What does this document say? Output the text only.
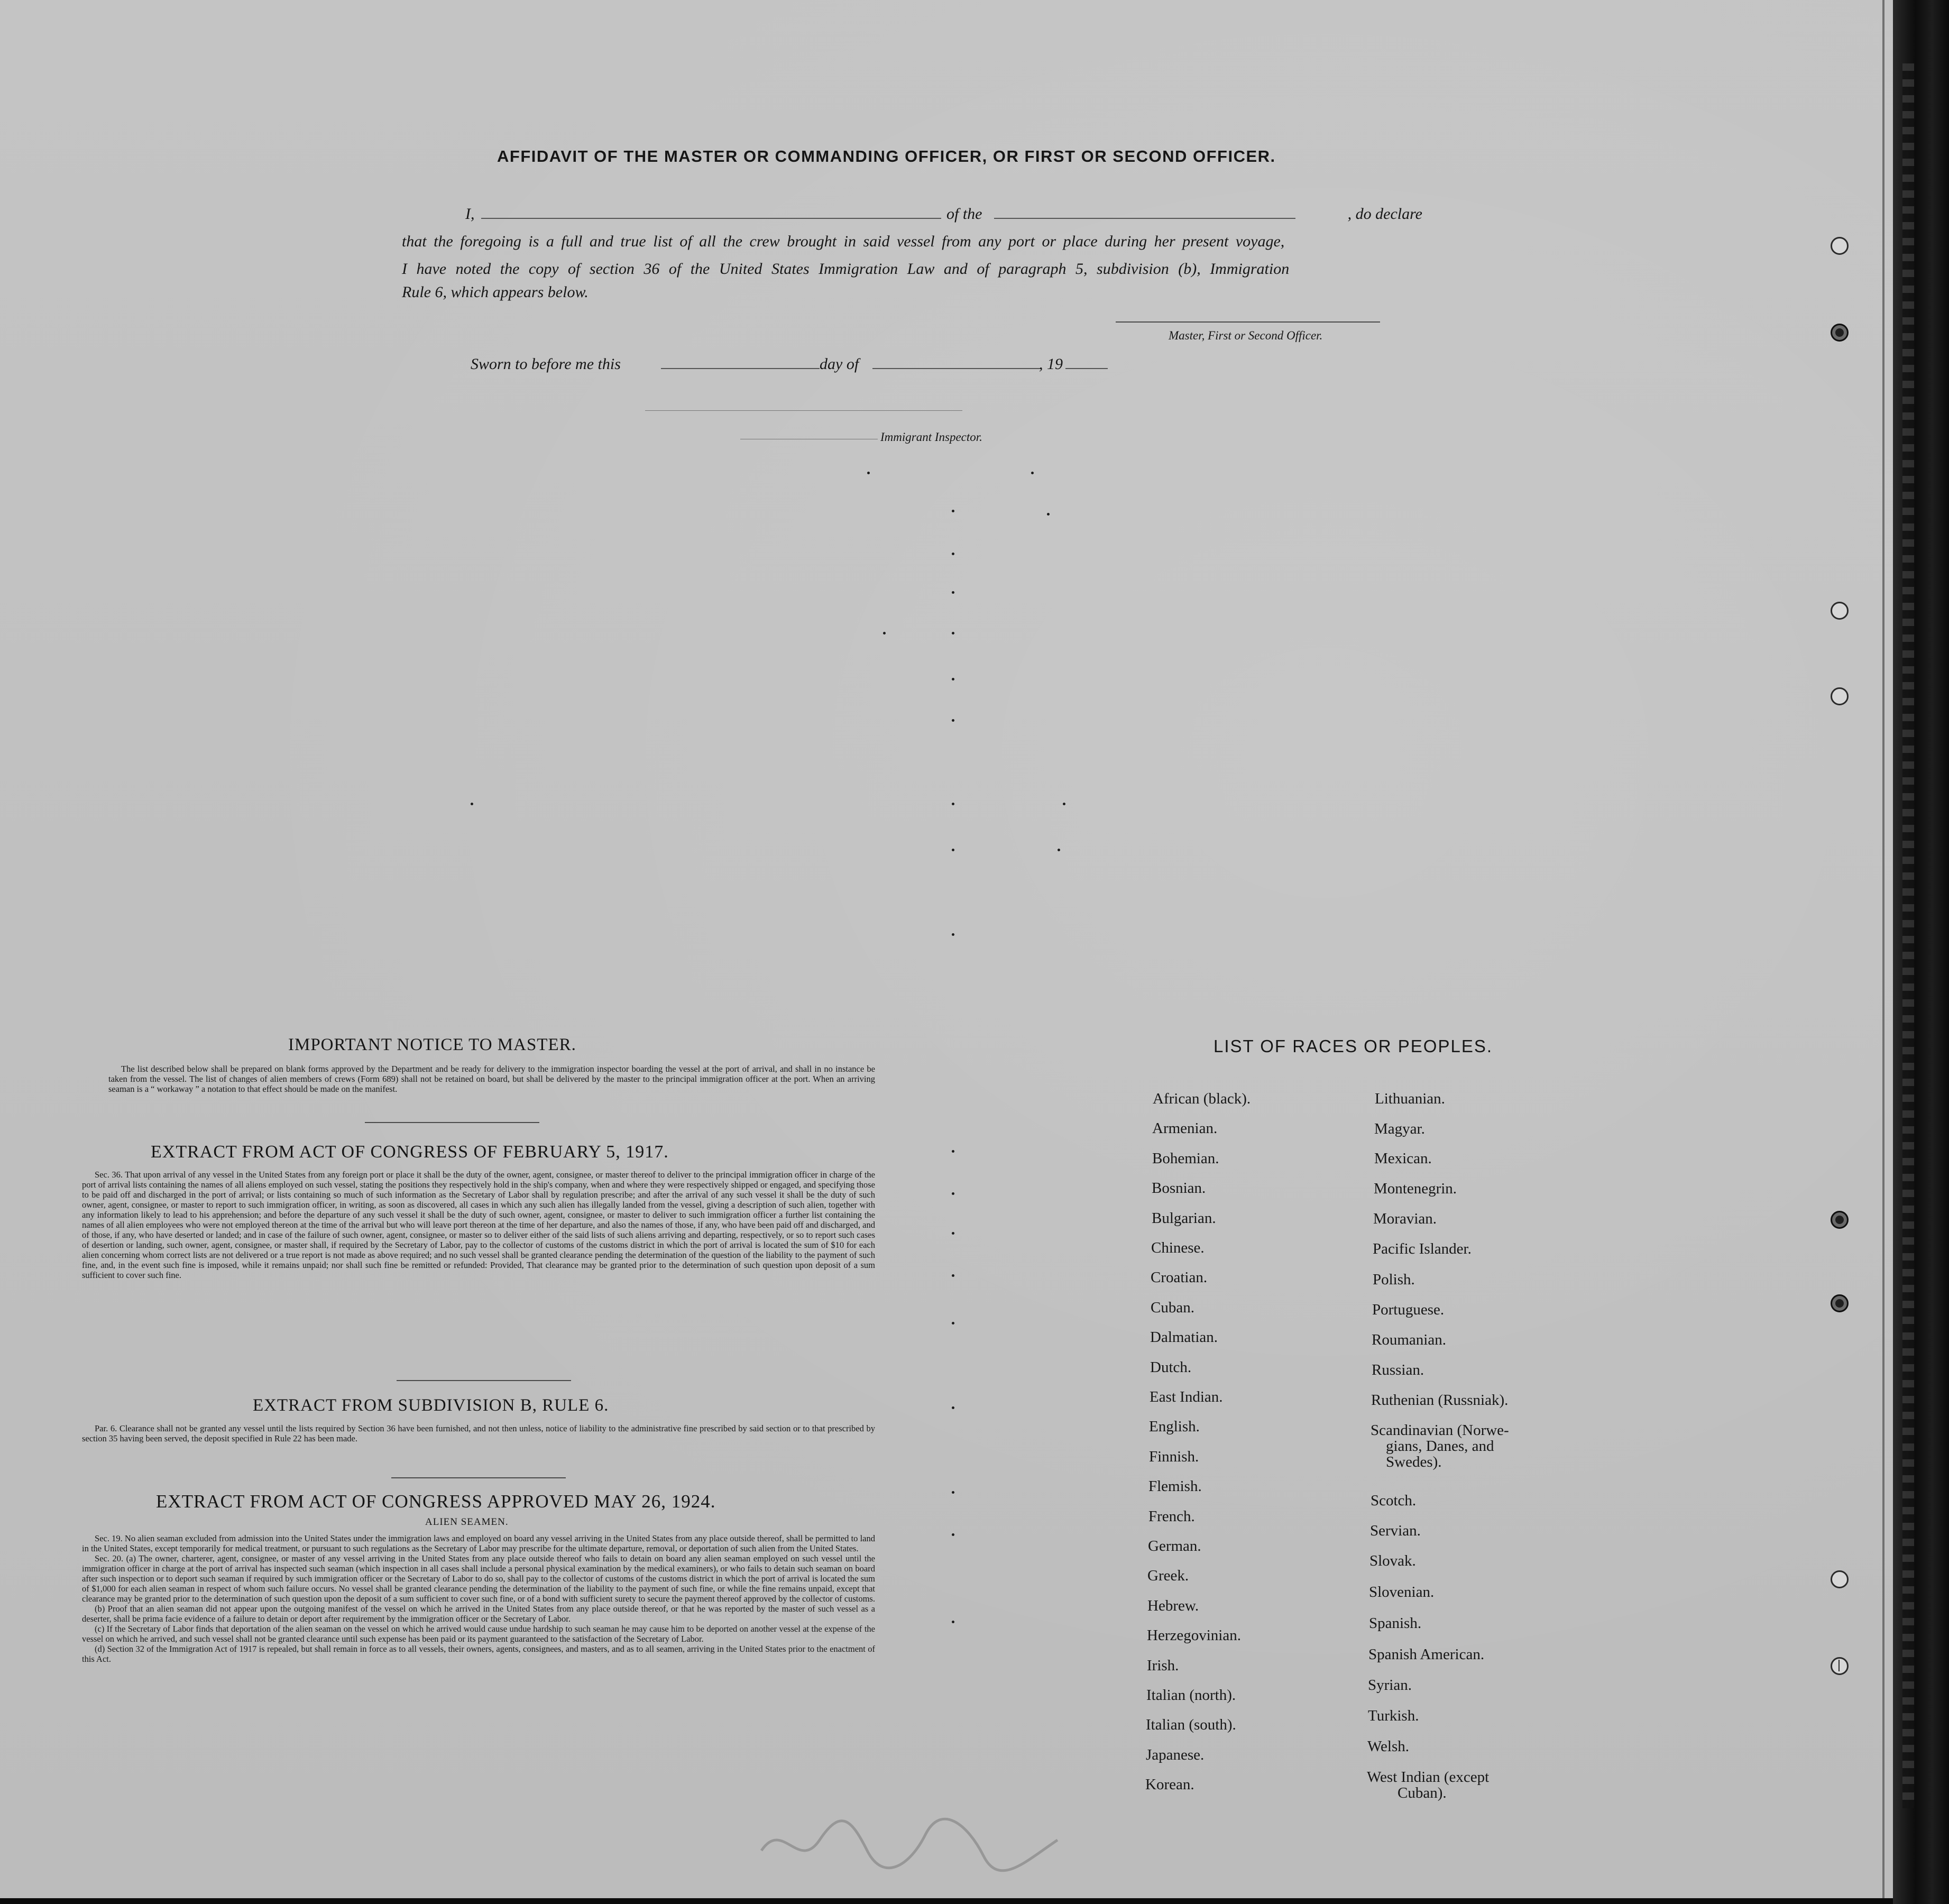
AFFIDAVIT OF THE MASTER OR COMMANDING OFFICER, OR FIRST OR SECOND OFFICER.
I,	of the	, do declare
that the foregoing is a full and true list of all the crew brought in said vessel from any port or place during her present voyage,
I have noted the copy of section 36 of the United States Immigration Law and of paragraph 5, subdivision (b), Immigration
Rule 6, which appears below.
Master, First or Second Officer.
Sworn to before me this	day of	, 19
Immigrant Inspector.
IMPORTANT NOTICE TO MASTER.

The list described below shall be prepared on blank forms approved by the Department and be ready for delivery to the immigration inspector boarding the vessel at the port of arrival, and shall in no instance be taken from the vessel. The list of changes of alien members of crews (Form 689) shall not be retained on board, but shall be delivered by the master to the principal immigration officer at the port. When an arriving seaman is a “ workaway ” a notation to that effect should be made on the manifest.

EXTRACT FROM ACT OF CONGRESS OF FEBRUARY 5, 1917.

Sec. 36. That upon arrival of any vessel in the United States from any foreign port or place it shall be the duty of the owner, agent, consignee, or master thereof to deliver to the principal immigration officer in charge of the port of arrival lists containing the names of all aliens employed on such vessel, stating the positions they respectively hold in the ship's company, when and where they were respectively shipped or engaged, and specifying those to be paid off and discharged in the port of arrival; or lists containing so much of such information as the Secretary of Labor shall by regulation prescribe; and after the arrival of any such vessel it shall be the duty of such owner, agent, consignee, or master to report to such immigration officer, in writing, as soon as discovered, all cases in which any such alien has illegally landed from the vessel, giving a description of such alien, together with any information likely to lead to his apprehension; and before the departure of any such vessel it shall be the duty of such owner, agent, consignee, or master to deliver to such immigration officer a further list containing the names of all alien employees who were not employed thereon at the time of the arrival but who will leave port thereon at the time of her departure, and also the names of those, if any, who have been paid off and discharged, and of those, if any, who have deserted or landed; and in case of the failure of such owner, agent, consignee, or master so to deliver either of the said lists of such aliens arriving and departing, respectively, or so to report such cases of desertion or landing, such owner, agent, consignee, or master shall, if required by the Secretary of Labor, pay to the collector of customs of the customs district in which the port of arrival is located the sum of $10 for each alien concerning whom correct lists are not delivered or a true report is not made as above required; and no such vessel shall be granted clearance pending the determination of the question of the liability to the payment of such fine, and, in the event such fine is imposed, while it remains unpaid; nor shall such fine be remitted or refunded: Provided, That clearance may be granted prior to the determination of such question upon deposit of a sum sufficient to cover such fine.

EXTRACT FROM SUBDIVISION B, RULE 6.

Par. 6. Clearance shall not be granted any vessel until the lists required by Section 36 have been furnished, and not then unless, notice of liability to the administrative fine prescribed by said section or to that prescribed by section 35 having been served, the deposit specified in Rule 22 has been made.

EXTRACT FROM ACT OF CONGRESS APPROVED MAY 26, 1924.
ALIEN SEAMEN.

Sec. 19. No alien seaman excluded from admission into the United States under the immigration laws and employed on board any vessel arriving in the United States from any place outside thereof, shall be permitted to land in the United States, except temporarily for medical treatment, or pursuant to such regulations as the Secretary of Labor may prescribe for the ultimate departure, removal, or deportation of such alien from the United States.

Sec. 20. (a) The owner, charterer, agent, consignee, or master of any vessel arriving in the United States from any place outside thereof who fails to detain on board any alien seaman employed on such vessel until the immigration officer in charge at the port of arrival has inspected such seaman (which inspection in all cases shall include a personal physical examination by the medical examiners), or who fails to detain such seaman on board after such inspection or to deport such seaman if required by such immigration officer or the Secretary of Labor to do so, shall pay to the collector of customs of the customs district in which the port of arrival is located the sum of $1,000 for each alien seaman in respect of whom such failure occurs. No vessel shall be granted clearance pending the determination of the liability to the payment of such fine, or while the fine remains unpaid, except that clearance may be granted prior to the determination of such question upon the deposit of a sum sufficient to cover such fine, or of a bond with sufficient surety to secure the payment thereof approved by the collector of customs.

(b) Proof that an alien seaman did not appear upon the outgoing manifest of the vessel on which he arrived in the United States from any place outside thereof, or that he was reported by the master of such vessel as a deserter, shall be prima facie evidence of a failure to detain or deport after requirement by the immigration officer or the Secretary of Labor.

(c) If the Secretary of Labor finds that deportation of the alien seaman on the vessel on which he arrived would cause undue hardship to such seaman he may cause him to be deported on another vessel at the expense of the vessel on which he arrived, and such vessel shall not be granted clearance until such expense has been paid or its payment guaranteed to the satisfaction of the Secretary of Labor.

(d) Section 32 of the Immigration Act of 1917 is repealed, but shall remain in force as to all vessels, their owners, agents, consignees, and masters, and as to all seamen, arriving in the United States prior to the enactment of this Act.

LIST OF RACES OR PEOPLES.
African (black).
Armenian.
Bohemian.
Bosnian.
Bulgarian.
Chinese.
Croatian.
Cuban.
Dalmatian.
Dutch.
East Indian.
English.
Finnish.
Flemish.
French.
German.
Greek.
Hebrew.
Herzegovinian.
Irish.
Italian (north).
Italian (south).
Japanese.
Korean.
Lithuanian.
Magyar.
Mexican.
Montenegrin.
Moravian.
Pacific Islander.
Polish.
Portuguese.
Roumanian.
Russian.
Ruthenian (Russniak).
Scandinavian (Norwe-
gians, Danes, and
Swedes).
Scotch.
Servian.
Slovak.
Slovenian.
Spanish.
Spanish American.
Syrian.
Turkish.
Welsh.
West Indian (except
Cuban).
